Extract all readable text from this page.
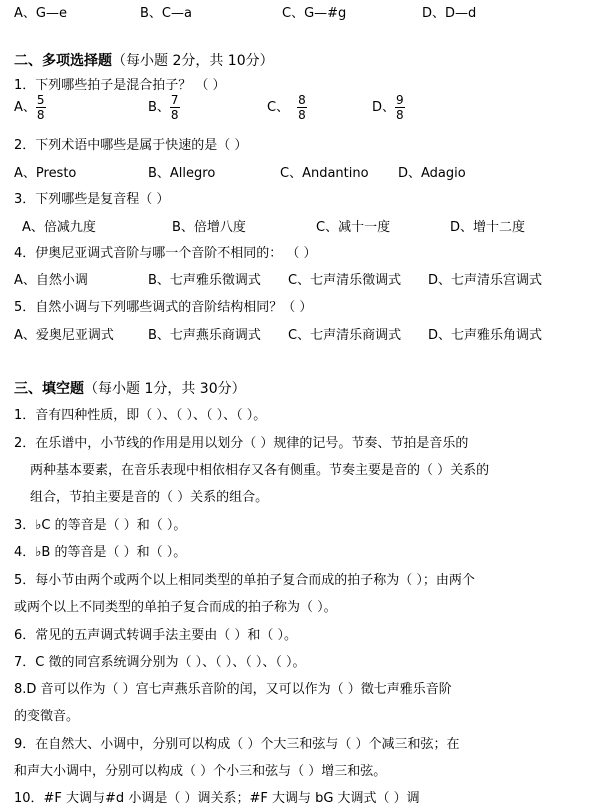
A、G—e	B、C—a	C、G—#g	D、D—d
二、多项选择题（每小题 2分，共 10分）
1．下列哪些拍子是混合拍子？ （ ）
A、 $\frac{5}{8}$	B、 $\frac{7}{8}$	C、 $\frac{8}{8}$	D、 $\frac{9}{8}$
2．下列术语中哪些是属于快速的是（ ）
A、Presto	B、Allegro	C、Andantino D、Adagio
3．下列哪些是复音程（ ）
A、倍减九度	B、倍增八度	C、减十一度	D、增十二度
4．伊奥尼亚调式音阶与哪一个音阶不相同的： （ ）
A、自然小调	B、七声雅乐徵调式 C、七声清乐徵调式 D、七声清乐宫调式
5．自然小调与下列哪些调式的音阶结构相同？（ ）
A、爱奥尼亚调式	B、七声燕乐商调式 C、七声清乐商调式 D、七声雅乐角调式
三、填空题（每小题 1分，共 30分）
1．音有四种性质，即（ ）、（ ）、（ ）、（ ）。
2．在乐谱中，小节线的作用是用以划分（ ）规律的记号。节奏、节拍是音乐的
两种基本要素，在音乐表现中相依相存又各有侧重。节奏主要是音的（ ）关系的
组合，节拍主要是音的（ ）关系的组合。
3．♭C 的等音是（ ）和（ ）。
4．♭B 的等音是（ ）和（ ）。
5．每小节由两个或两个以上相同类型的单拍子复合而成的拍子称为（ ）；由两个
或两个以上不同类型的单拍子复合而成的拍子称为（ ）。
6．常见的五声调式转调手法主要由（ ）和（ ）。
7．C 徵的同宫系统调分别为（ ）、（ ）、（ ）、（ ）。
8.D 音可以作为（ ）宫七声燕乐音阶的闰，又可以作为（ ）徵七声雅乐音阶
的变徵音。
9．在自然大、小调中，分别可以构成（ ）个大三和弦与（ ）个减三和弦；在
和声大小调中，分别可以构成（ ）个小三和弦与（ ）增三和弦。
10．#F 大调与#d 小调是（ ）调关系；#F 大调与 bG 大调式（ ）调
